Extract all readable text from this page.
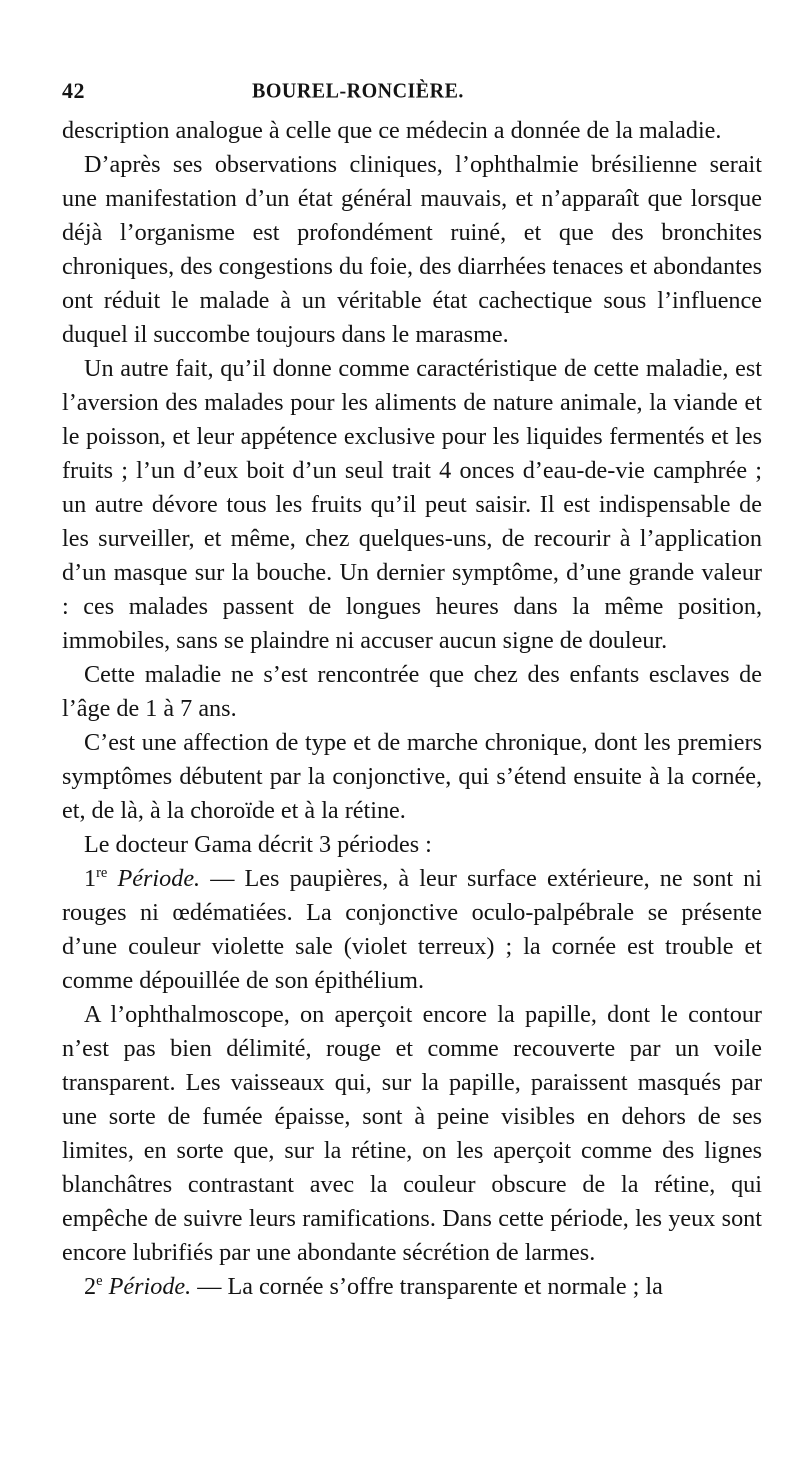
42	BOUREL-RONCIÈRE.

description analogue à celle que ce médecin a donnée de la maladie.

D’après ses observations cliniques, l’ophthalmie brésilienne serait une manifestation d’un état général mauvais, et n’apparaît que lorsque déjà l’organisme est profondément ruiné, et que des bronchites chroniques, des congestions du foie, des diarrhées tenaces et abondantes ont réduit le malade à un véritable état cachectique sous l’influence duquel il succombe toujours dans le marasme.

Un autre fait, qu’il donne comme caractéristique de cette maladie, est l’aversion des malades pour les aliments de nature animale, la viande et le poisson, et leur appétence exclusive pour les liquides fermentés et les fruits ; l’un d’eux boit d’un seul trait 4 onces d’eau-de-vie camphrée ; un autre dévore tous les fruits qu’il peut saisir. Il est indispensable de les surveiller, et même, chez quelques-uns, de recourir à l’application d’un masque sur la bouche. Un dernier symptôme, d’une grande valeur : ces malades passent de longues heures dans la même position, immobiles, sans se plaindre ni accuser aucun signe de douleur.

Cette maladie ne s’est rencontrée que chez des enfants esclaves de l’âge de 1 à 7 ans.

C’est une affection de type et de marche chronique, dont les premiers symptômes débutent par la conjonctive, qui s’étend ensuite à la cornée, et, de là, à la choroïde et à la rétine.

Le docteur Gama décrit 3 périodes :

1re Période. — Les paupières, à leur surface extérieure, ne sont ni rouges ni œdématiées. La conjonctive oculo-palpébrale se présente d’une couleur violette sale (violet terreux) ; la cornée est trouble et comme dépouillée de son épithélium.

A l’ophthalmoscope, on aperçoit encore la papille, dont le contour n’est pas bien délimité, rouge et comme recouverte par un voile transparent. Les vaisseaux qui, sur la papille, paraissent masqués par une sorte de fumée épaisse, sont à peine visibles en dehors de ses limites, en sorte que, sur la rétine, on les aperçoit comme des lignes blanchâtres contrastant avec la couleur obscure de la rétine, qui empêche de suivre leurs ramifications. Dans cette période, les yeux sont encore lubrifiés par une abondante sécrétion de larmes.

2e Période. — La cornée s’offre transparente et normale ; la
